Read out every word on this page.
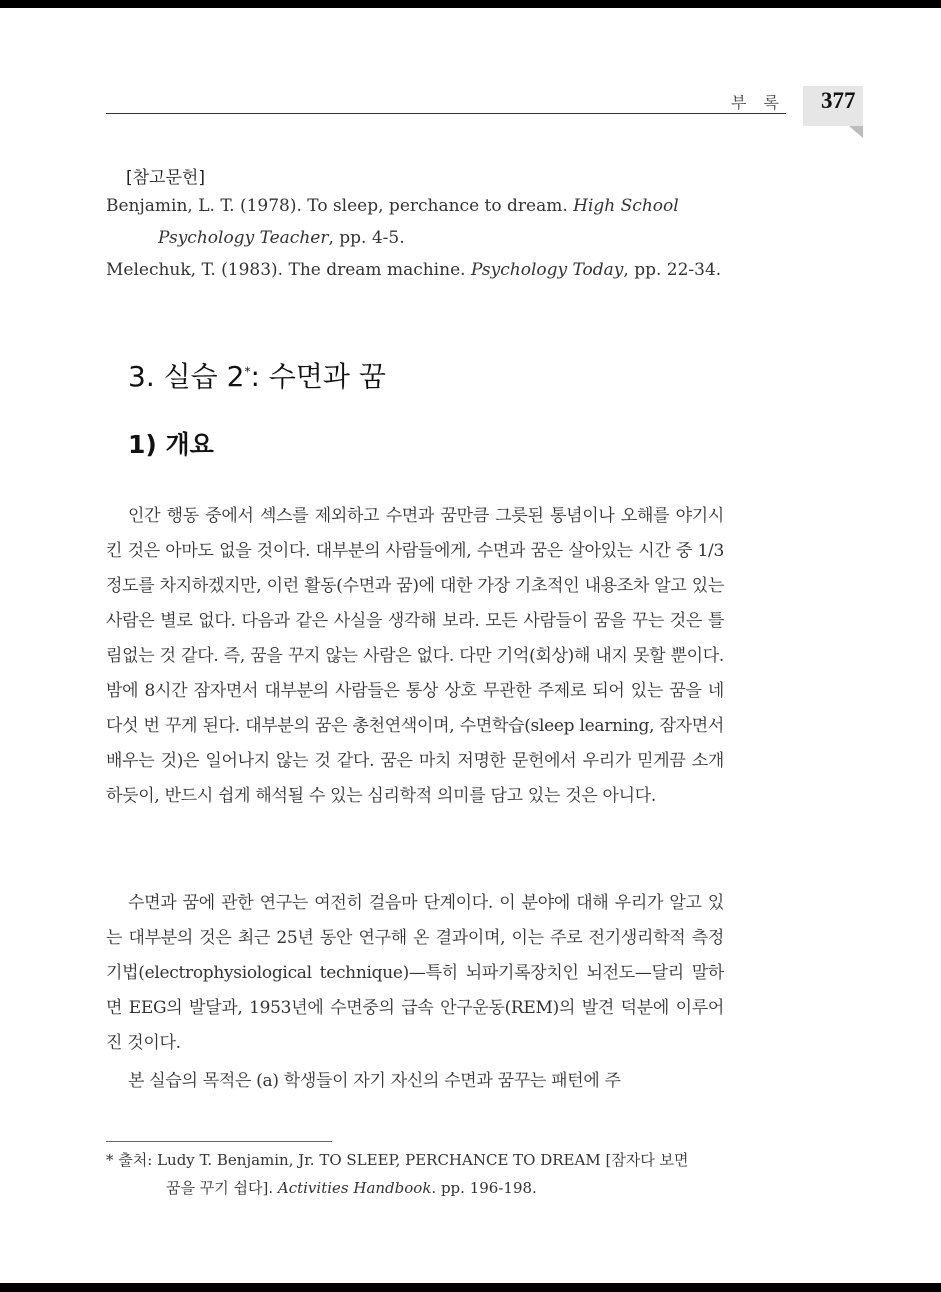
부 록 377
[참고문헌]
Benjamin, L. T. (1978). To sleep, perchance to dream. High School
Psychology Teacher, pp. 4-5.
Melechuk, T. (1983). The dream machine. Psychology Today, pp. 22-34.
3. 실습 2*: 수면과 꿈
1) 개요

인간 행동 중에서 섹스를 제외하고 수면과 꿈만큼 그릇된 통념이나 오해를 야기시킨 것은 아마도 없을 것이다. 대부분의 사람들에게, 수면과 꿈은 살아있는 시간 중 1/3정도를 차지하겠지만, 이런 활동(수면과 꿈)에 대한 가장 기초적인 내용조차 알고 있는 사람은 별로 없다. 다음과 같은 사실을 생각해 보라. 모든 사람들이 꿈을 꾸는 것은 틀림없는 것 같다. 즉, 꿈을 꾸지 않는 사람은 없다. 다만 기억(회상)해 내지 못할 뿐이다. 밤에 8시간 잠자면서 대부분의 사람들은 통상 상호 무관한 주제로 되어 있는 꿈을 네다섯 번 꾸게 된다. 대부분의 꿈은 총천연색이며, 수면학습(sleep learning, 잠자면서 배우는 것)은 일어나지 않는 것 같다. 꿈은 마치 저명한 문헌에서 우리가 믿게끔 소개하듯이, 반드시 쉽게 해석될 수 있는 심리학적 의미를 담고 있는 것은 아니다.

수면과 꿈에 관한 연구는 여전히 걸음마 단계이다. 이 분야에 대해 우리가 알고 있는 대부분의 것은 최근 25년 동안 연구해 온 결과이며, 이는 주로 전기생리학적 측정기법(electrophysiological technique)—특히 뇌파기록장치인 뇌전도—달리 말하면 EEG의 발달과, 1953년에 수면중의 급속 안구운동(REM)의 발견 덕분에 이루어진 것이다.

본 실습의 목적은 (a) 학생들이 자기 자신의 수면과 꿈꾸는 패턴에 주

* 출처: Ludy T. Benjamin, Jr. TO SLEEP, PERCHANCE TO DREAM [잠자다 보면
꿈을 꾸기 쉽다]. Activities Handbook. pp. 196-198.
